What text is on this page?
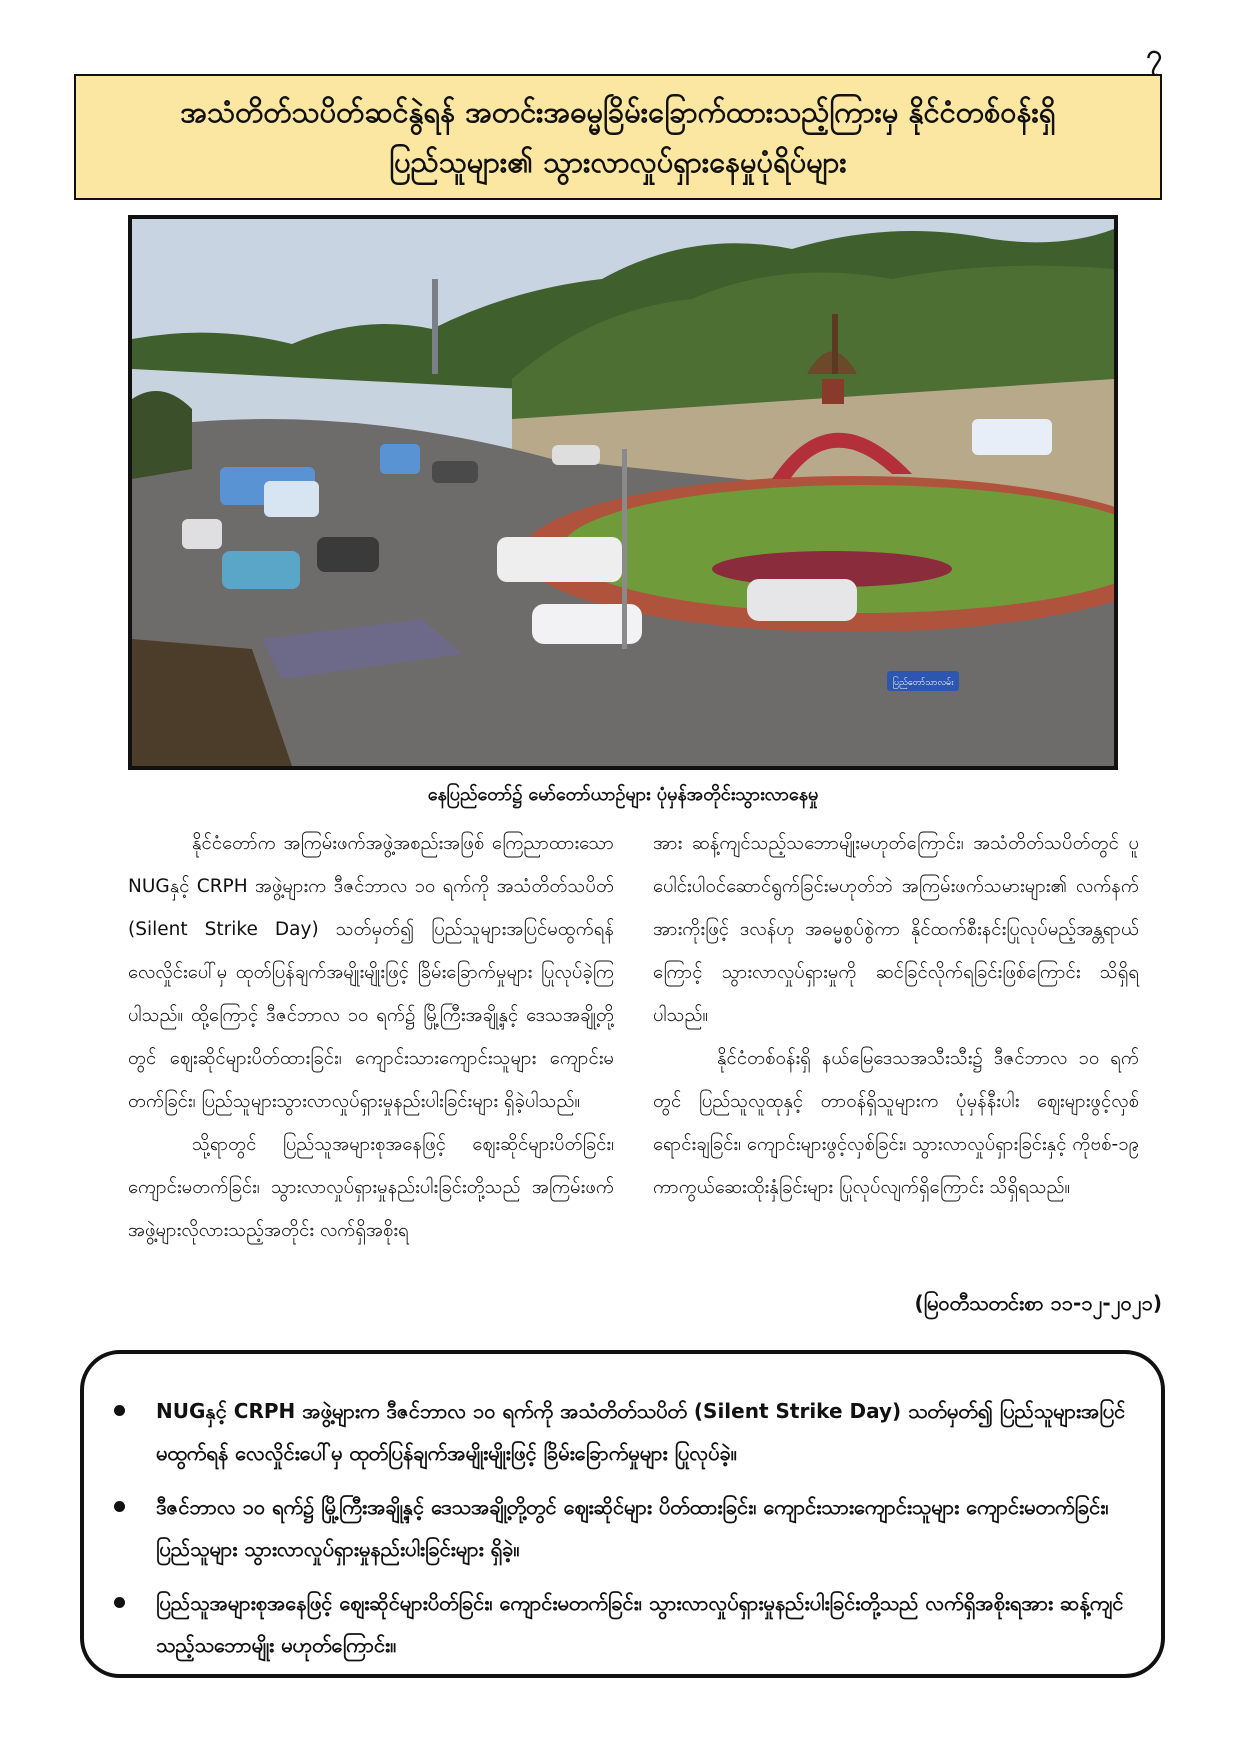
၇
အသံတိတ်သပိတ်ဆင်နွဲရန် အတင်းအဓမ္မခြိမ်းခြောက်ထားသည့်ကြားမှ နိုင်ငံတစ်ဝန်းရှိ
ပြည်သူများ၏ သွားလာလှုပ်ရှားနေမှုပုံရိပ်များ
ပြည်တော်သာလမ်း
နေပြည်တော်၌ မော်တော်ယာဉ်များ ပုံမှန်အတိုင်းသွားလာနေမှု

နိုင်ငံတော်က အကြမ်းဖက်အဖွဲ့အစည်းအဖြစ် ကြေညာထားသော NUGနှင့် CRPH အဖွဲ့များက ဒီဇင်ဘာလ ၁၀ ရက်ကို အသံတိတ်သပိတ် (Silent Strike Day) သတ်မှတ်၍ ပြည်သူများအပြင်မထွက်ရန် လေလှိုင်းပေါ်မှ ထုတ်ပြန်ချက်အမျိုးမျိုးဖြင့် ခြိမ်းခြောက်မှုများ ပြုလုပ်ခဲ့ကြပါသည်။ ထို့ကြောင့် ဒီဇင်ဘာလ ၁၀ ရက်၌ မြို့ကြီးအချို့နှင့် ဒေသအချို့တို့တွင် ဈေးဆိုင်များပိတ်ထားခြင်း၊ ကျောင်းသားကျောင်းသူများ ကျောင်းမတက်ခြင်း၊ ပြည်သူများသွားလာလှုပ်ရှားမှုနည်းပါးခြင်းများ ရှိခဲ့ပါသည်။

သို့ရာတွင် ပြည်သူအများစုအနေဖြင့် ဈေးဆိုင်များပိတ်ခြင်း၊ ကျောင်းမတက်ခြင်း၊ သွားလာလှုပ်ရှားမှုနည်းပါးခြင်းတို့သည် အကြမ်းဖက်အဖွဲ့များလိုလားသည့်အတိုင်း လက်ရှိအစိုးရ

အား ဆန့်ကျင်သည့်သဘောမျိုးမဟုတ်ကြောင်း၊ အသံတိတ်သပိတ်တွင် ပူပေါင်းပါဝင်ဆောင်ရွက်ခြင်းမဟုတ်ဘဲ အကြမ်းဖက်သမားများ၏ လက်နက်အားကိုးဖြင့် ဒလန်ဟု အဓမ္မစွပ်စွဲကာ နိုင်ထက်စီးနင်းပြုလုပ်မည့်အန္တရာယ်ကြောင့် သွားလာလှုပ်ရှားမှုကို ဆင်ခြင်လိုက်ရခြင်းဖြစ်ကြောင်း သိရှိရပါသည်။

နိုင်ငံတစ်ဝန်းရှိ နယ်မြေဒေသအသီးသီး၌ ဒီဇင်ဘာလ ၁၀ ရက်တွင် ပြည်သူလူထုနှင့် တာဝန်ရှိသူများက ပုံမှန်နီးပါး ဈေးများဖွင့်လှစ်ရောင်းချခြင်း၊ ကျောင်းများဖွင့်လှစ်ခြင်း၊ သွားလာလှုပ်ရှားခြင်းနှင့် ကိုဗစ်-၁၉ ကာကွယ်ဆေးထိုးနှံခြင်းများ ပြုလုပ်လျက်ရှိကြောင်း သိရှိရသည်။

(မြဝတီသတင်းစာ ၁၁-၁၂-၂၀၂၁)
NUGနှင့် CRPH အဖွဲ့များက ဒီဇင်ဘာလ ၁၀ ရက်ကို အသံတိတ်သပိတ် (Silent Strike Day) သတ်မှတ်၍ ပြည်သူများအပြင်မထွက်ရန် လေလှိုင်းပေါ်မှ ထုတ်ပြန်ချက်အမျိုးမျိုးဖြင့် ခြိမ်းခြောက်မှုများ ပြုလုပ်ခဲ့။
ဒီဇင်ဘာလ ၁၀ ရက်၌ မြို့ကြီးအချို့နှင့် ဒေသအချို့တို့တွင် ဈေးဆိုင်များ ပိတ်ထားခြင်း၊ ကျောင်းသားကျောင်းသူများ ကျောင်းမတက်ခြင်း၊ ပြည်သူများ သွားလာလှုပ်ရှားမှုနည်းပါးခြင်းများ ရှိခဲ့။
ပြည်သူအများစုအနေဖြင့် ဈေးဆိုင်များပိတ်ခြင်း၊ ကျောင်းမတက်ခြင်း၊ သွားလာလှုပ်ရှားမှုနည်းပါးခြင်းတို့သည် လက်ရှိအစိုးရအား ဆန့်ကျင်သည့်သဘောမျိုး မဟုတ်ကြောင်း။
